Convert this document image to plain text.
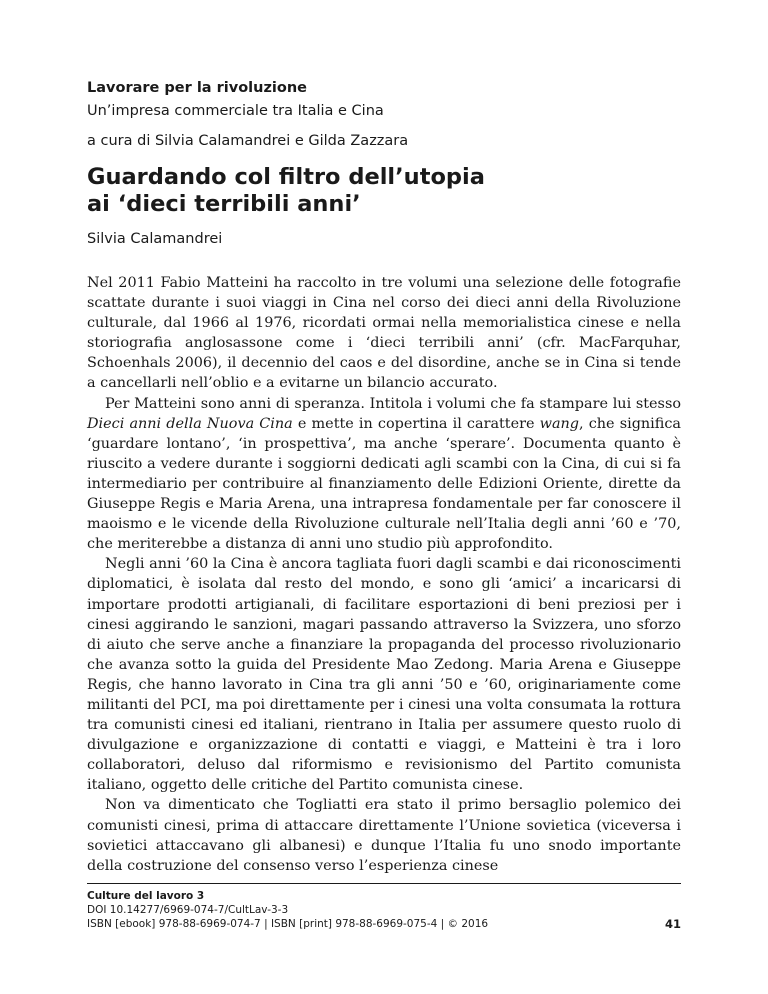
Lavorare per la rivoluzione

Un’impresa commerciale tra Italia e Cina

a cura di Silvia Calamandrei e Gilda Zazzara

Guardando col filtro dell’utopia
ai ‘dieci terribili anni’

Silvia Calamandrei

Nel 2011 Fabio Matteini ha raccolto in tre volumi una selezione delle fotografie scattate durante i suoi viaggi in Cina nel corso dei dieci anni della Rivoluzione culturale, dal 1966 al 1976, ricordati ormai nella memorialistica cinese e nella storiografia anglosassone come i ‘dieci terribili anni’ (cfr. MacFarquhar, Schoenhals 2006), il decennio del caos e del disordine, anche se in Cina si tende a cancellarli nell’oblio e a evitarne un bilancio accurato.

Per Matteini sono anni di speranza. Intitola i volumi che fa stampare lui stesso Dieci anni della Nuova Cina e mette in copertina il carattere wang, che significa ‘guardare lontano’, ‘in prospettiva’, ma anche ‘sperare’. Documenta quanto è riuscito a vedere durante i soggiorni dedicati agli scambi con la Cina, di cui si fa intermediario per contribuire al finanziamento delle Edizioni Oriente, dirette da Giuseppe Regis e Maria Arena, una intrapresa fondamentale per far conoscere il maoismo e le vicende della Rivoluzione culturale nell’Italia degli anni ’60 e ’70, che meriterebbe a distanza di anni uno studio più approfondito.

Negli anni ’60 la Cina è ancora tagliata fuori dagli scambi e dai riconoscimenti diplomatici, è isolata dal resto del mondo, e sono gli ‘amici’ a incaricarsi di importare prodotti artigianali, di facilitare esportazioni di beni preziosi per i cinesi aggirando le sanzioni, magari passando attraverso la Svizzera, uno sforzo di aiuto che serve anche a finanziare la propaganda del processo rivoluzionario che avanza sotto la guida del Presidente Mao Zedong. Maria Arena e Giuseppe Regis, che hanno lavorato in Cina tra gli anni ’50 e ’60, originariamente come militanti del PCI, ma poi direttamente per i cinesi una volta consumata la rottura tra comunisti cinesi ed italiani, rientrano in Italia per assumere questo ruolo di divulgazione e organizzazione di contatti e viaggi, e Matteini è tra i loro collaboratori, deluso dal riformismo e revisionismo del Partito comunista italiano, oggetto delle critiche del Partito comunista cinese.

Non va dimenticato che Togliatti era stato il primo bersaglio polemico dei comunisti cinesi, prima di attaccare direttamente l’Unione sovietica (viceversa i sovietici attaccavano gli albanesi) e dunque l’Italia fu uno snodo importante della costruzione del consenso verso l’esperienza cinese

Culture del lavoro 3

DOI 10.14277/6969-074-7/CultLav-3-3

ISBN [ebook] 978-88-6969-074-7 | ISBN [print] 978-88-6969-075-4 | © 2016	41
